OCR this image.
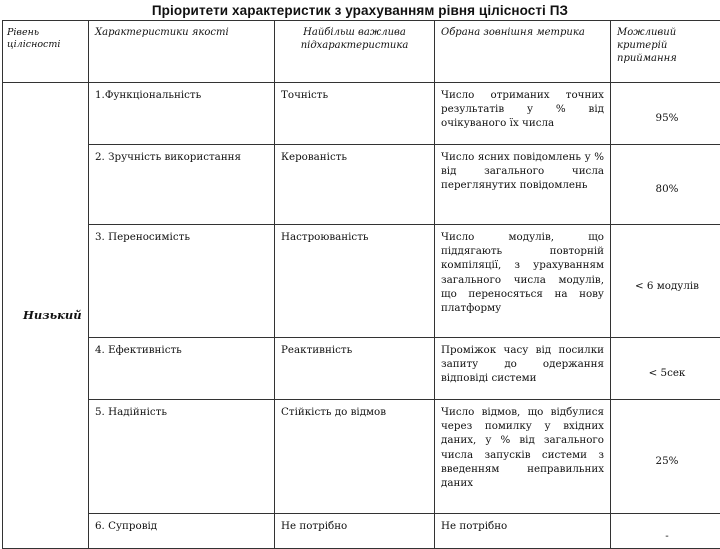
Пріоритети характеристик з урахуванням рівня цілісності ПЗ
Рівень цілісності	Характеристики якості	Найбільш важлива підхарактеристика	Обрана зовнішня метрика	Можливий критерій приймання
Низький	1.Функціональність	Точність	Число отриманих точних результатів у % від очікуваного їх числа	95%
	2. Зручність використання	Керованість	Число ясних повідомлень у % від загального числа переглянутих повідомлень	80%
	3. Переносимість	Настроюваність	Число модулів, що піддягають повторній компіляції, з урахуванням загального числа модулів, що переносяться на нову платформу	< 6 модулів
	4. Ефективність	Реактивність	Проміжок часу від посилки запиту до одержання відповіді системи	< 5сек
	5. Надійність	Стійкість до відмов	Число відмов, що відбулися через помилку у вхідних даних, у % від загального числа запусків системи з введенням неправильних даних	25%
	6. Супровід	Не потрібно	Не потрібно	-
